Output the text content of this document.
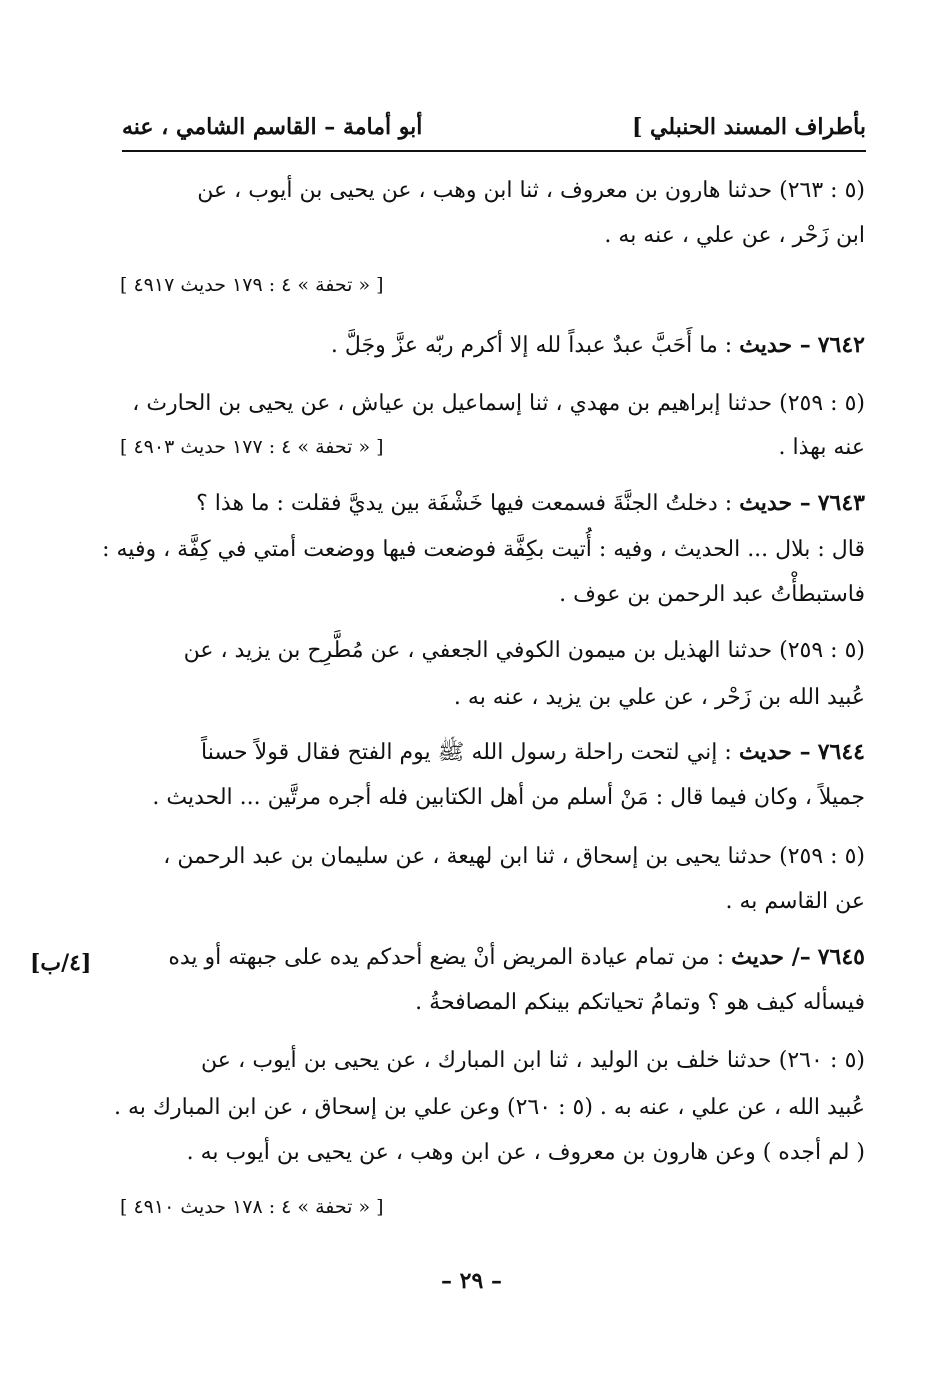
بأطراف المسند الحنبلي ]
أبو أمامة – القاسم الشامي ، عنه
(٥ : ٢٦٣) حدثنا هارون بن معروف ، ثنا ابن وهب ، عن يحيى بن أيوب ، عن
ابن زَحْر ، عن علي ، عنه به .
[ « تحفة » ٤ : ١٧٩ حديث ٤٩١٧ ]
٧٦٤٢ – حديث : ما أَحَبَّ عبدٌ عبداً لله إلا أكرم ربّه عزَّ وجَلَّ .
(٥ : ٢٥٩) حدثنا إبراهيم بن مهدي ، ثنا إسماعيل بن عياش ، عن يحيى بن الحارث ،
عنه بهذا .
[ « تحفة » ٤ : ١٧٧ حديث ٤٩٠٣ ]
٧٦٤٣ – حديث : دخلتُ الجنَّةَ فسمعت فيها خَشْفَة بين يديَّ فقلت : ما هذا ؟
قال : بلال ... الحديث ، وفيه : أُتيت بكِفَّة فوضعت فيها ووضعت أمتي في كِفَّة ، وفيه :
فاستبطأْتُ عبد الرحمن بن عوف .
(٥ : ٢٥٩) حدثنا الهذيل بن ميمون الكوفي الجعفي ، عن مُطَّرِح بن يزيد ، عن
عُبيد الله بن زَحْر ، عن علي بن يزيد ، عنه به .
٧٦٤٤ – حديث : إني لتحت راحلة رسول الله ﷺ يوم الفتح فقال قولاً حسناً
جميلاً ، وكان فيما قال : مَنْ أسلم من أهل الكتابين فله أجره مرتَّين ... الحديث .
(٥ : ٢٥٩) حدثنا يحيى بن إسحاق ، ثنا ابن لهيعة ، عن سليمان بن عبد الرحمن ،
عن القاسم به .
٧٦٤٥ –/ حديث : من تمام عيادة المريض أنْ يضع أحدكم يده على جبهته أو يده
فيسأله كيف هو ؟ وتمامُ تحياتكم بينكم المصافحةُ .
[٤/ب]
(٥ : ٢٦٠) حدثنا خلف بن الوليد ، ثنا ابن المبارك ، عن يحيى بن أيوب ، عن
عُبيد الله ، عن علي ، عنه به . (٥ : ٢٦٠) وعن علي بن إسحاق ، عن ابن المبارك به .
( لم أجده ) وعن هارون بن معروف ، عن ابن وهب ، عن يحيى بن أيوب به .
[ « تحفة » ٤ : ١٧٨ حديث ٤٩١٠ ]
– ٢٩ –
